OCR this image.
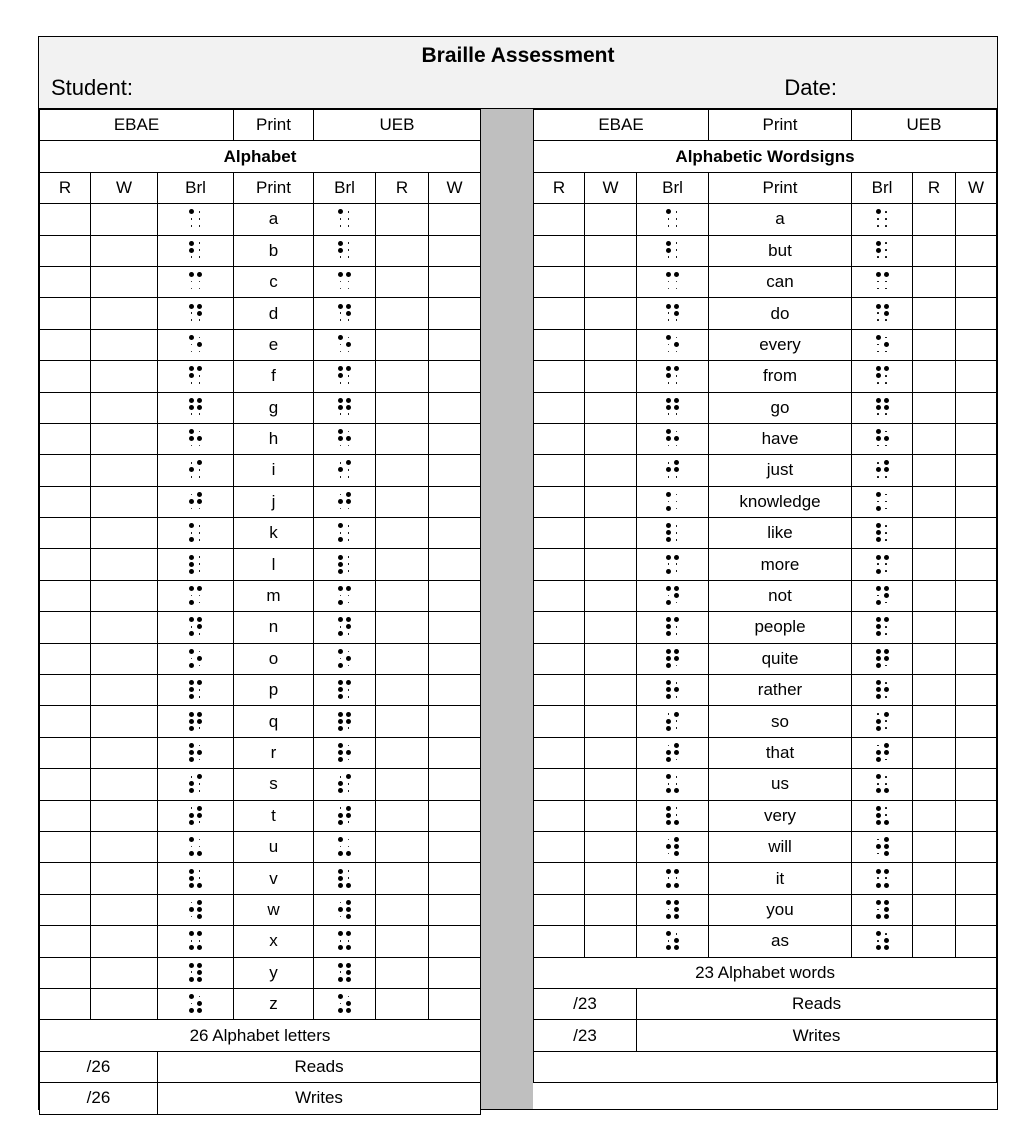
Braille Assessment
Student:	Date:
EBAE			Print	UEB		
Alphabet						
R	W	Brl	Print	Brl	R	W

	a	

	b	

	c	

	d	

	e	

	f	

	g	

	h	

	i	

	j	

	k	

	l	

	m	

	n	

	o	

	p	

	q	

	r	

	s	

	t	

	u	

	v	

	w	

	x	

	y	

	z	

26 Alphabet letters						
/26		Reads				
/26		Writes				
EBAE			Print	UEB		
Alphabetic Wordsigns						
R	W	Brl	Print	Brl	R	W

	a	

	but	

	can	

	do	

	every	

	from	

	go	

	have	

	just	

	knowledge	

	like	

	more	

	not	

	people	

	quite	

	rather	

	so	

	that	

	us	

	very	

	will	

	it	

	you	

	as	

23 Alphabet words						
/23		Reads				
/23		Writes				
